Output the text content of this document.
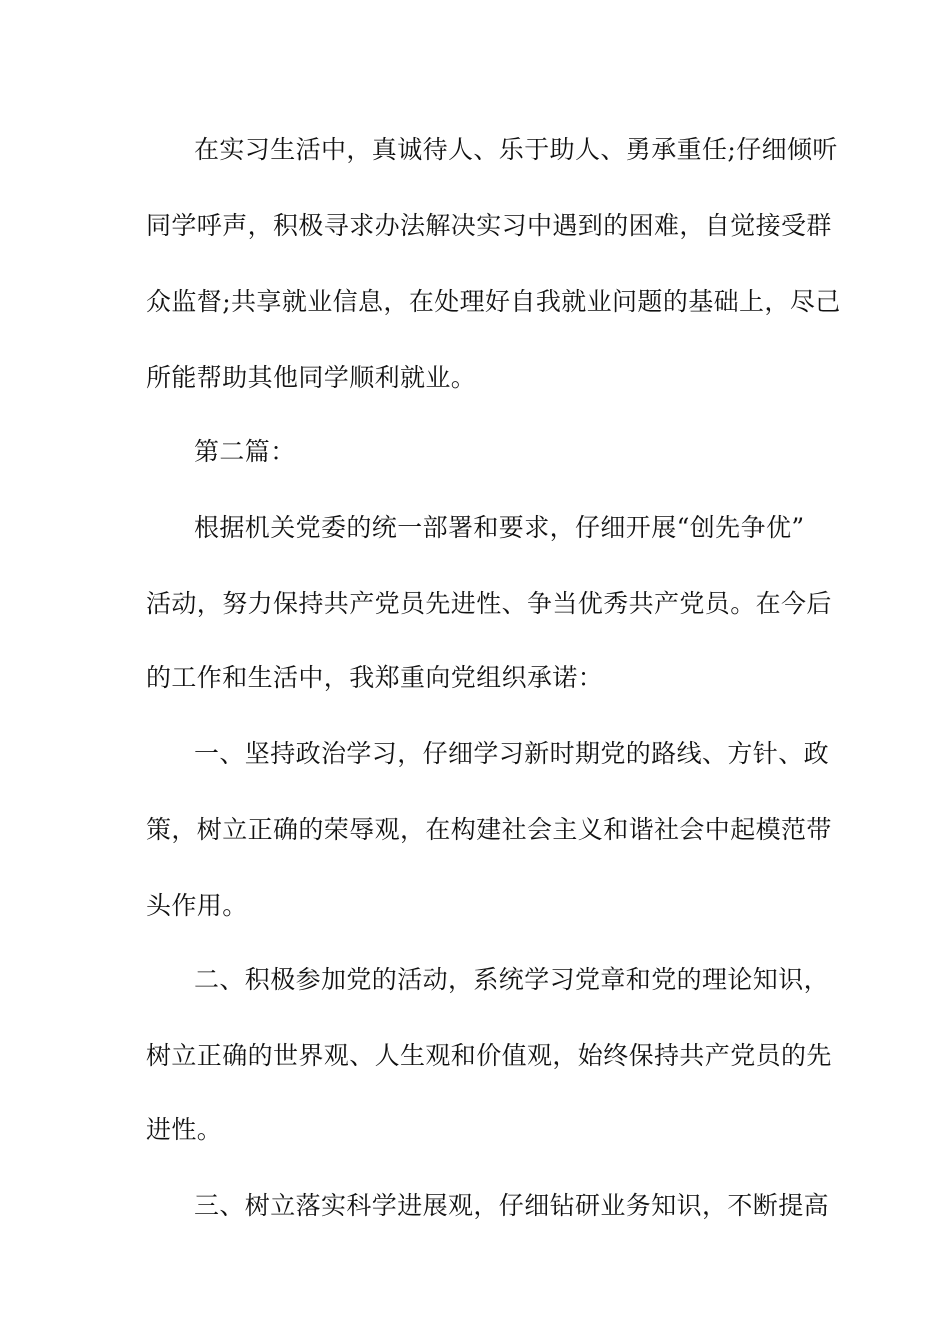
在实习生活中，真诚待人、乐于助人、勇承重任;仔细倾听
同学呼声，积极寻求办法解决实习中遇到的困难，自觉接受群
众监督;共享就业信息，在处理好自我就业问题的基础上，尽己
所能帮助其他同学顺利就业。
第二篇：
根据机关党委的统一部署和要求，仔细开展“创先争优”
活动，努力保持共产党员先进性、争当优秀共产党员。在今后
的工作和生活中，我郑重向党组织承诺：
一、坚持政治学习，仔细学习新时期党的路线、方针、政
策，树立正确的荣辱观，在构建社会主义和谐社会中起模范带
头作用。
二、积极参加党的活动，系统学习党章和党的理论知识，
树立正确的世界观、人生观和价值观，始终保持共产党员的先
进性。
三、树立落实科学进展观，仔细钻研业务知识，不断提高
